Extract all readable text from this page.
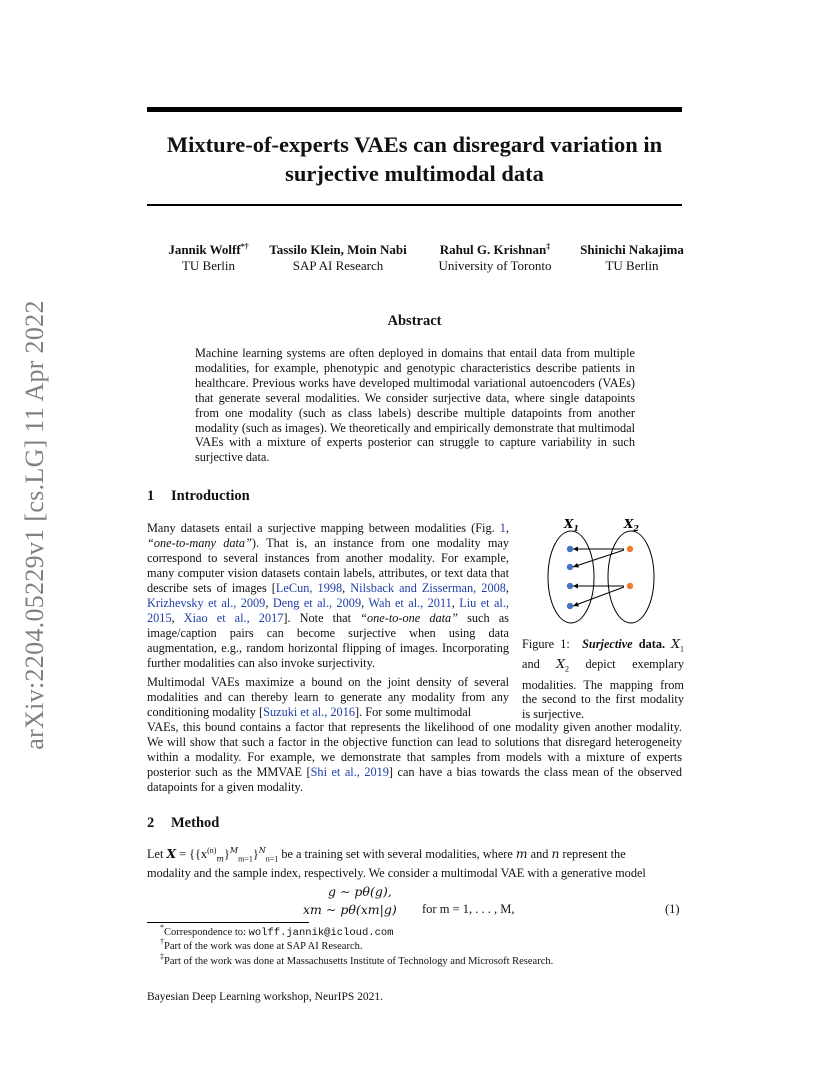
arXiv:2204.05229v1 [cs.LG] 11 Apr 2022
Mixture-of-experts VAEs can disregard variation in
surjective multimodal data
Jannik Wolff*†
TU Berlin
Tassilo Klein, Moin Nabi
SAP AI Research
Rahul G. Krishnan‡
University of Toronto
Shinichi Nakajima
TU Berlin
Abstract
Machine learning systems are often deployed in domains that entail data from multiple modalities, for example, phenotypic and genotypic characteristics describe patients in healthcare. Previous works have developed multimodal variational autoencoders (VAEs) that generate several modalities. We consider surjective data, where single datapoints from one modality (such as class labels) describe multiple datapoints from another modality (such as images). We theoretically and empirically demonstrate that multimodal VAEs with a mixture of experts posterior can struggle to capture variability in such surjective data.
1 Introduction
Many datasets entail a surjective mapping between modalities (Fig. 1, “one-to-many data”). That is, an instance from one modality may correspond to several instances from another modality. For example, many computer vision datasets contain labels, attributes, or text data that describe sets of images [LeCun, 1998, Nilsback and Zisserman, 2008, Krizhevsky et al., 2009, Deng et al., 2009, Wah et al., 2011, Liu et al., 2015, Xiao et al., 2017]. Note that “one-to-one data” such as image/caption pairs can become surjective when using data augmentation, e.g., random horizontal flipping of images. Incorporating further modalities can also invoke surjectivity.
Multimodal VAEs maximize a bound on the joint density of several modalities and can thereby learn to generate any modality from any conditioning modality [Suzuki et al., 2016]. For some multimodal
VAEs, this bound contains a factor that represents the likelihood of one modality given another modality. We will show that such a factor in the objective function can lead to solutions that disregard heterogeneity within a modality. For example, we demonstrate that samples from models with a mixture of experts posterior such as the MMVAE [Shi et al., 2019] can have a bias towards the class mean of the observed datapoints for a given modality.
$X_1$	$X_2$
Figure 1: Surjective data. $X_1$ and $X_2$ depict exemplary modalities. The mapping from the second to the first modality is surjective.
2 Method
Let $X = \{\{x^{(n)}_m\}^M_{m=1}\}^N_{n=1}$ be a training set with several modalities, where m and n represent the
modality and the sample index, respectively. We consider a multimodal VAE with a generative model
g ∼ pθ(g),
xm ∼ pθ(xm|g) for m = 1, . . . , M,	(1)
*Correspondence to: wolff.jannik@icloud.com
†Part of the work was done at SAP AI Research.
‡Part of the work was done at Massachusetts Institute of Technology and Microsoft Research.
Bayesian Deep Learning workshop, NeurIPS 2021.
